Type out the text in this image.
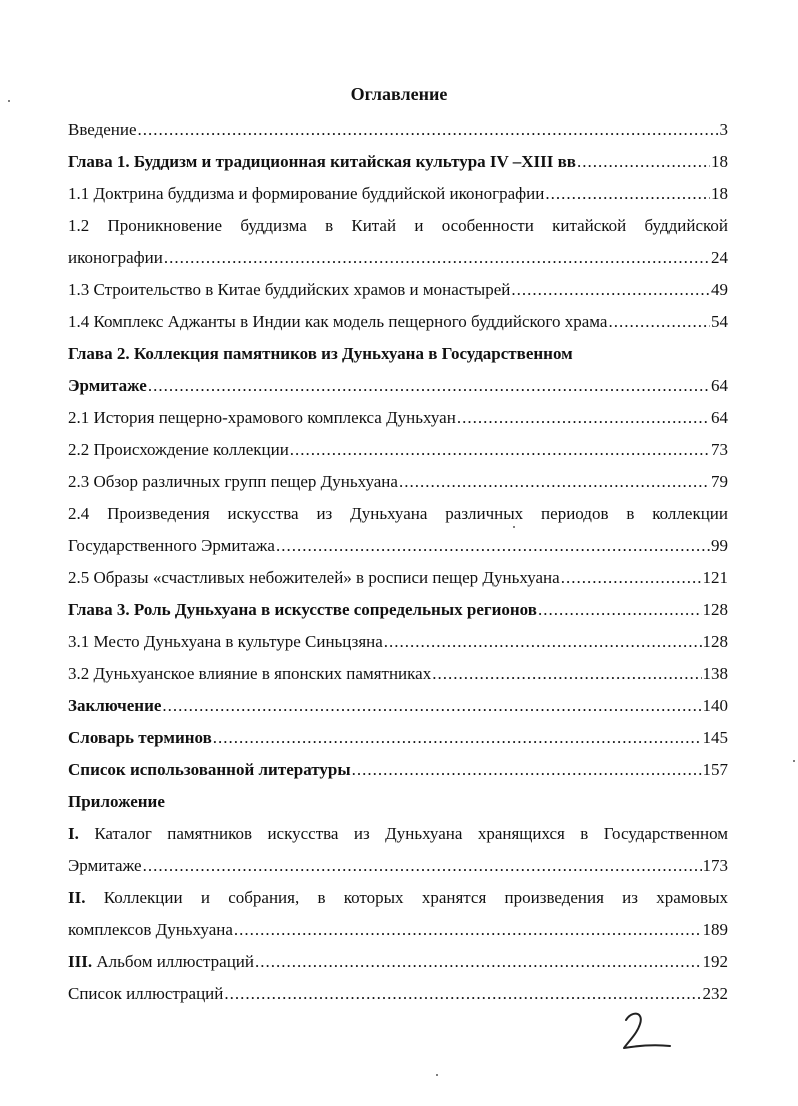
Оглавление
Введение .....	3
Глава 1. Буддизм и традиционная китайская культура IV –XIII вв .....	18
1.1 Доктрина буддизма и формирование буддийской иконографии .....	18
1.2 Проникновение буддизма в Китай и особенности китайской буддийской
иконографии .....	24
1.3 Строительство в Китае буддийских храмов и монастырей .....	49
1.4 Комплекс Аджанты в Индии как модель пещерного буддийского храма .....	54
Глава 2. Коллекция памятников из Дуньхуана в Государственном
Эрмитаже .....	64
2.1 История пещерно-храмового комплекса Дуньхуан .....	64
2.2 Происхождение коллекции .....	73
2.3 Обзор различных групп пещер Дуньхуана .....	79
2.4 Произведения искусства из Дуньхуана различных периодов в коллекции
Государственного Эрмитажа .....	99
2.5 Образы «счастливых небожителей» в росписи пещер Дуньхуана .....	121
Глава 3. Роль Дуньхуана в искусстве сопредельных регионов .....	128
3.1 Место Дуньхуана в культуре Синьцзяна .....	128
3.2 Дуньхуанское влияние в японских памятниках .....	138
Заключение .....	140
Словарь терминов .....	145
Список использованной литературы .....	157
Приложение
I. Каталог памятников искусства из Дуньхуана хранящихся в Государственном
Эрмитаже .....	173
II. Коллекции и собрания, в которых хранятся произведения из храмовых
комплексов Дуньхуана .....	189
III. Альбом иллюстраций .....	192
Список иллюстраций .....	232
